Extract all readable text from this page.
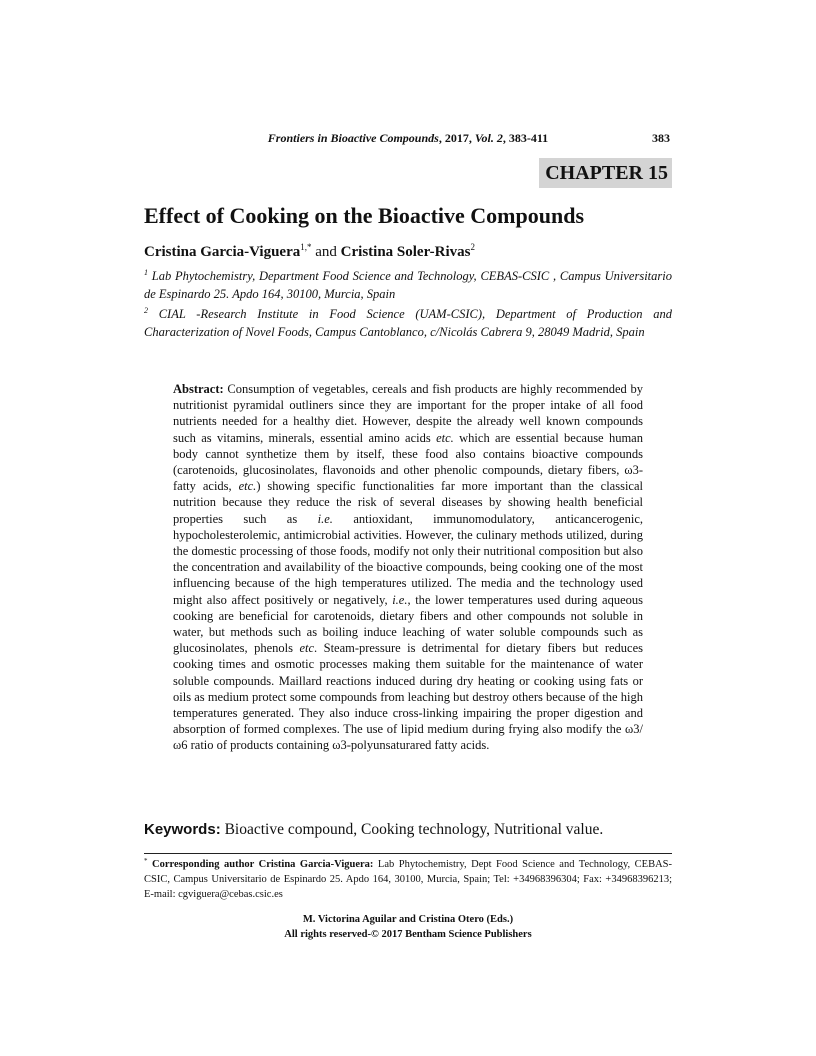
Frontiers in Bioactive Compounds, 2017, Vol. 2, 383-411	383
CHAPTER 15
Effect of Cooking on the Bioactive Compounds
Cristina Garcia-Viguera$^{1,*}$ and Cristina Soler-Rivas$^2$
$^1$ Lab Phytochemistry, Department Food Science and Technology, CEBAS-CSIC , Campus Universitario de Espinardo 25. Apdo 164, 30100, Murcia, Spain
$^2$ CIAL -Research Institute in Food Science (UAM-CSIC), Department of Production and Characterization of Novel Foods, Campus Cantoblanco, c/Nicolás Cabrera 9, 28049 Madrid, Spain

Abstract: Consumption of vegetables, cereals and fish products are highly recommended by nutritionist pyramidal outliners since they are important for the proper intake of all food nutrients needed for a healthy diet. However, despite the already well known compounds such as vitamins, minerals, essential amino acids etc. which are essential because human body cannot synthetize them by itself, these food also contains bioactive compounds (carotenoids, glucosinolates, flavonoids and other phenolic compounds, dietary fibers, ω3-fatty acids, etc.) showing specific functionalities far more important than the classical nutrition because they reduce the risk of several diseases by showing health beneficial properties such as i.e. antioxidant, immunomodulatory, anticancerogenic, hypocholesterolemic, antimicrobial activities. However, the culinary methods utilized, during the domestic processing of those foods, modify not only their nutritional composition but also the concentration and availability of the bioactive compounds, being cooking one of the most influencing because of the high temperatures utilized. The media and the technology used might also affect positively or negatively, i.e., the lower temperatures used during aqueous cooking are beneficial for carotenoids, dietary fibers and other compounds not soluble in water, but methods such as boiling induce leaching of water soluble compounds such as glucosinolates, phenols etc. Steam-pressure is detrimental for dietary fibers but reduces cooking times and osmotic processes making them suitable for the maintenance of water soluble compounds. Maillard reactions induced during dry heating or cooking using fats or oils as medium protect some compounds from leaching but destroy others because of the high temperatures generated. They also induce cross-linking impairing the proper digestion and absorption of formed complexes. The use of lipid medium during frying also modify the ω3/ ω6 ratio of products containing ω3-polyunsaturared fatty acids.

Keywords: Bioactive compound, Cooking technology, Nutritional value.
* Corresponding author Cristina Garcia-Viguera: Lab Phytochemistry, Dept Food Science and Technology, CEBAS-CSIC, Campus Universitario de Espinardo 25. Apdo 164, 30100, Murcia, Spain; Tel: +34968396304; Fax: +34968396213; E-mail: cgviguera@cebas.csic.es
M. Victorina Aguilar and Cristina Otero (Eds.)
All rights reserved-© 2017 Bentham Science Publishers
